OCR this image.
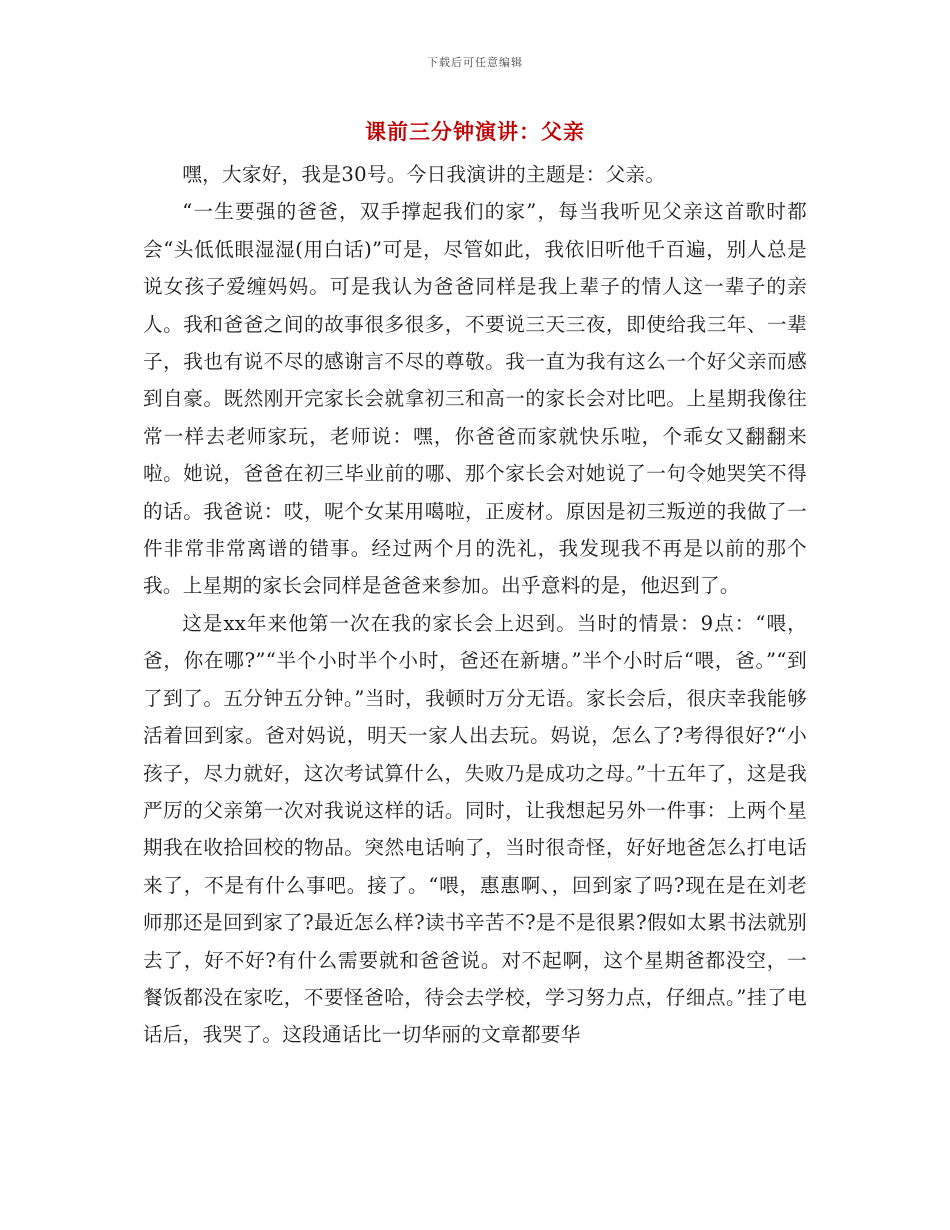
下载后可任意编辑
课前三分钟演讲：父亲

嘿，大家好，我是30号。今日我演讲的主题是：父亲。

“一生要强的爸爸，双手撑起我们的家”，每当我听见父亲这首歌时都会“头低低眼湿湿(用白话)”可是，尽管如此，我依旧听他千百遍，别人总是说女孩子爱缠妈妈。可是我认为爸爸同样是我上辈子的情人这一辈子的亲人。我和爸爸之间的故事很多很多，不要说三天三夜，即使给我三年、一辈子，我也有说不尽的感谢言不尽的尊敬。我一直为我有这么一个好父亲而感到自豪。既然刚开完家长会就拿初三和高一的家长会对比吧。上星期我像往常一样去老师家玩，老师说：嘿，你爸爸而家就快乐啦，个乖女又翻翻来啦。她说，爸爸在初三毕业前的哪、那个家长会对她说了一句令她哭笑不得的话。我爸说：哎，呢个女某用噶啦，正废材。原因是初三叛逆的我做了一件非常非常离谱的错事。经过两个月的洗礼，我发现我不再是以前的那个我。上星期的家长会同样是爸爸来参加。出乎意料的是，他迟到了。

这是xx年来他第一次在我的家长会上迟到。当时的情景：9点：“喂，爸，你在哪?”“半个小时半个小时，爸还在新塘。”半个小时后“喂，爸。”“到了到了。五分钟五分钟。”当时，我顿时万分无语。家长会后，很庆幸我能够活着回到家。爸对妈说，明天一家人出去玩。妈说，怎么了?考得很好?“小孩子，尽力就好，这次考试算什么，失败乃是成功之母。”十五年了，这是我严厉的父亲第一次对我说这样的话。同时，让我想起另外一件事：上两个星期我在收拾回校的物品。突然电话响了，当时很奇怪，好好地爸怎么打电话来了，不是有什么事吧。接了。“喂，惠惠啊、，回到家了吗?现在是在刘老师那还是回到家了?最近怎么样?读书辛苦不?是不是很累?假如太累书法就别去了，好不好?有什么需要就和爸爸说。对不起啊，这个星期爸都没空，一餐饭都没在家吃，不要怪爸哈，待会去学校，学习努力点，仔细点。”挂了电话后，我哭了。这段通话比一切华丽的文章都要华
